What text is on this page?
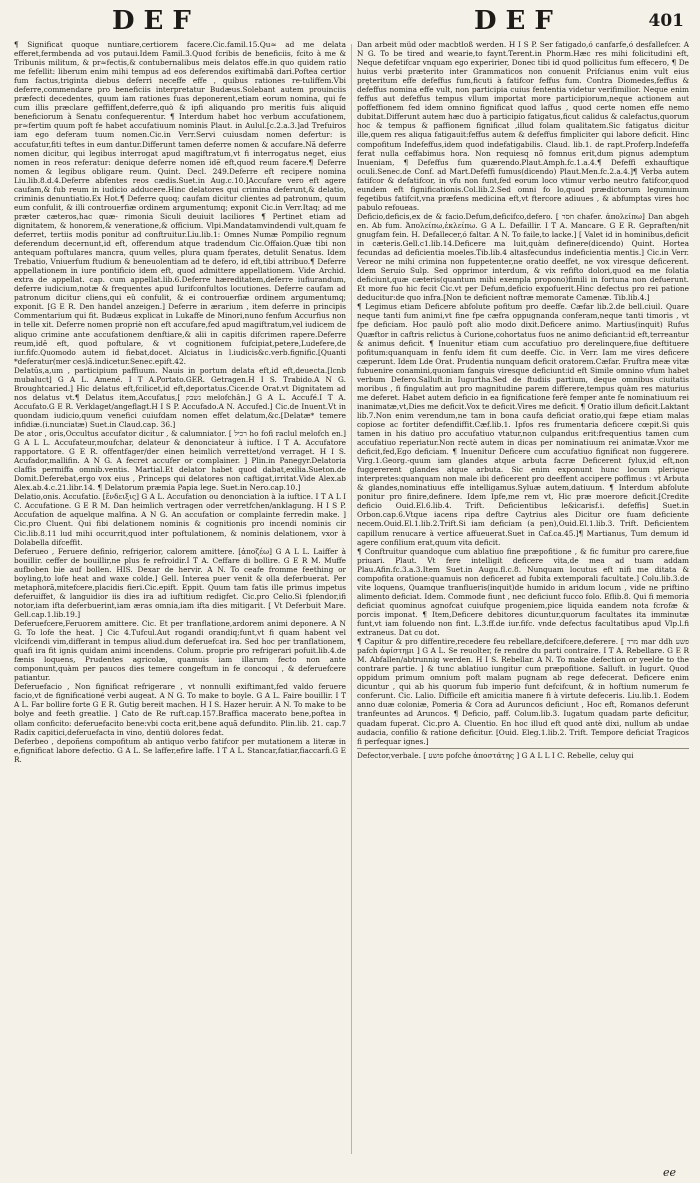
DEF	DEF	401

¶ Significat quoque nuntiare,certiorem facere.Cic.famil.15.Qu≈ ad me delata efferet,fermbenda ad vos putaui.Idem Famil.3.Quod fcribis de beneficiis, fcito à me & Tribunis militum, & pr≈fectis,& contubernalibus meis delatos effe.in quo quidem ratio me fefellit: liberum enim mihi tempus ad eos deferendos exiftimabã dari.Poftea certior fum factus,triginta diebus deferri neceffe effe , quibus rationes re-tuliffem.Vbi deferre,commendare pro beneficiis interpretatur Budæus.Solebant autem prouinciis præfecti decedentes, quum iam rationes fuas deponerent,etiam eorum nomina, qui fe cum illis præclare geffiffent,deferre,quò & ipfi aliquando pro meritis fuis aliquid beneficiorum à Senatu confequerentur. ¶ Interdum habet hoc verbum accufationem, pr≈fertim quum poft fe habet accufatiuum nominis Plaut. in Aulul.[c.2.a.3.]ad Trefuiros iam ego deferam tuum nomen.Cic.in Verr.Servi cuiusdam nomen defertur: is accufatur,fiti teftes in eum dantur.Differunt tamen deferre nomen & accufare.Nã deferre nomen dicitur, qui legibus interrogat apud magiftratum,vt fi interrogatus neget, eius nomen in reos referatur: denique deferre nomen idē eft,quod reum facere.¶ Deferre nomen & legibus obligare reum. Quint. Decl. 249.Deferre eft recipere nomina Liu.lib.8.d.4.Deferre abfentes reos cædis.Suet.in Aug.c.10.]Accufare vero eft agere caufam,& fub reum in iudicio adducere.Hinc delatores qui crimina deferunt,& delatio, criminis denuntiatio.Ex Hot.¶ Deferre quoq; caufam dicitur clientes ad patronum, quum eum confulit, & illi controuerfiæ ordinem argumentumq; exponit Cic.in Verr.Itaq; ad me præter cæteros,hac quæ- rimonia Siculi deuiuit laciliores ¶ Pertinet etiam ad dignitatem, & honorem,& veneratione,& officium. Vlpi.Mandatamvindendi vult,quam fe deferret, tertiis modis ponitur ad conftruitur.Liu.lib.1: Omnes Numæ Pompilio regnum deferendum decernunt,id eft, offerendum atque tradendum Cic.Offaion.Quæ tibi non antequam poftulares mancra, quum velles, plura quam fperates, detulit Senatus. Idem Trebatio, Vniuerfum ftudium & beneuolentiam ad te defero, id eft,tibi attribuo.¶ Deferre appellationem in iure pontificio idem eft, quod admittere appellationem. Vide Archid. extra de appellat. cap. cum appellat.lib.6.Deferre hæreditatem,deferre iufiurandum, deferre iudicium,notæ & frequentes apud Iurifconfultos locutiones. Deferre caufam ad patronum dicitur cliens,qui eû confulit, & ei controuerfiæ ordinem argumentumq; exponit. [G E R. Den handel anzeigen.] Deferre in ærarium , item deferre in principis Commentarium qui fit. Budæus explicat in Lukaffe de Minori,nuno fenfum Accurfius non in telle xit. Deferre nomen propriè non eft accufare,fed apud magiftratum,vel iudicem de aliquo crimine ante accufationem denftiare,& alii in capitis difcrimen rapere.Deferre reum,idē eft, quod poftulare, & vt cognitionem fufcipiat,petere,Ludefere,de iur.fifc.Quomodo autem id fiebat,docet. Alciatus in l.iudicis&c.verb.fignific.[Quanti *deferatur(mer ces)ã.indicetur.Senec.epift.42.

Delatūs,a,um , participium paffiuum. Nauis in portum delata eft,id eft,deuecta.[lcnb mubaluct] G A L. Amené. I T A.Portato.GER. Getragen.H I S. Trabido.A N G. Broughtcaried.] Hic delatus eft,fcilicet,id eft,deportatus.Cicer.de Orat.vt Dignitatem ad nos delatus vt.¶ Delatus item,Accufatus,[ נשבק melofchân.] G A L. Accufé.I T A. Accufato.G E R. Verklaget/angeflagt.H I S P. Accufado.A N. Accufed.] Cic.de Inuent.Vt in quondam iudicio,quum venefici cuiufdam nomen effet delatum,&c.[Delatæ* temere infidiæ.(i.nunciatæ) Suet.in Claud.cap. 36.]

De ator , oris,Occultus accufator dicitur , & calumniator. [ רכיל ho fofi raclul melofch en.] G A L L. Accufateur,moufchar, delateur & denonciateur à iuftice. I T A. Accufatore rapportatore. G E R. offentfager/der einen heimlich verrettet/ond verraget. H I S. Acufador,mallifin. A N G. A fecret accufer or complainer. ] Plin.in Panegyr.Delatoria claffis permiffa omnib.ventis. Martial.Et delator habet quod dabat,exilia.Sueton.de Domit.Deferebat,ergo vox eius , Princeps qui delatores non caftigat,irritat.Vide Alex.ab Alex.ab.4.c.21.libr.14. ¶ Delatorum præmia Papia lege. Suet.in Nero.cap.10.]

Delatio,onis. Accufatio. [ἔνδειξις] G A L. Accufation ou denonciation à la iuftice. I T A L I C. Accufatione. G E R M. Dan heimlich vertragen oder verretfchen/anklagung. H I S P. Accufation de aquelque malfina. A N G. An accufation or complainte ferredin make. ] Cic.pro Cluent. Qui fibi delationem nominis & cognitionis pro incendi nominis cir Cic.lib.8.11 lud mihi occurrit,quod inter poftulationem, & nominis delationem, vxor à Dolabella difceffit.

Deferueo , Feruere definio, refrigerior, calorem amittere. [ἀποζέω] G A L L. Laiffer à bouillir. ceffer de bouillir,ne plus fe refroidir.I T A. Ceffare di bollire. G E R M. Muffe aufboben bie auf bollen. HIS. Dexar de hervir. A N. To ceafe fromme feething or boyling,to lofe heat and waxe colde.] Gell. Interea puer venit & olla deferbuerat. Per metaphorã,mitefcere,placidis fieri.Cic.epift. Eppit. Quum tam fatis ille primus impetus deferuiffet, & languidior iis dies ira ad iuftitium redigfet. Cic.pro Celio.Si fplendor,ifi notor,iam ifta deferbuerint,iam æras omnia,iam ifta dies mitigarit. [ Vt Deferbuit Mare. Gell.cap.1.lib.19.]

Deferuefcere,Feruorem amittere. Cic. Et per tranflatione,ardorem animi deponere. A N G. To lofe the heat. ] Cic 4.Tufcul.Aut rogandi orandiq;funt,vt fi quam habent vel vlcifcendi vim,differant in tempus aliud.dum deferuefcat ira. Sed hoc per tranflationem, quafi ira fit ignis quidam animi incendens. Colum. proprie pro refrigerari pofuit.lib.4.de fænis loquens, Prudentes agricolæ, quamuis iam illarum fecto non ante componunt,quàm per paucos dies temere congeftum in fe concoqui , & deferuefcere patiantur.

Deferuefacio , Non fignificat refrigerare , vt nonnulli exiftimant,fed valdo feruere facio,vt de fignificationé verbi augeat. A N G. To make to boyle. G A L. Faire bouillir. I T A L. Far bollire forte G E R. Gutig bereit machen. H I S. Hazer heruir. A N. To make to be bolye and feeth greatlie. ] Cato de Re ruft.cap.157.Braffica macerato bene,poftea in ollam conficito: deferuefacito bene:vbi cocta erit,bene aquã defundito. Plin.lib. 21. cap.7 Radix capitici,deferuefacta in vino, dentiü dolores fedat.

Deferbeo , depoñens compofitum ab antiquo verbo fatifcor per mutationem a literæ in e,fignificat labore defectio. G A L. Se laffer,efire laffe. I T A L. Stancar,fatiar,fiaccarfi.G E R.

Dan arbeit müd oder macbtloß werden. H I S P. Ser fatigado,ó canfarfe,ó desfallefcer. A N G. To be tired and wearie,to faynt.Terent.in Phorm.Hæc res mihi folicitudini eft, Neque defetifcar vnquam ego experirier, Donec tibi id quod pollicitus fum effecero, ¶ De huius verbi præterito inter Grammaticos non conuenit Prifcianus enim vult eius pręteritum effe defeffus fum,ficuti à fatifcor feffus fum. Contra Diomedes,feffus & defeffus nomina effe vult, non participia cuius fententia videtur verifimilior. Neque enim feffus aut defeffus tempus vllum importat more participiorum,neque actionem aut poffeffionem fed idem omnino fignificat quod laffus , quod certe nomen effe nemo dubitat.Differunt autem hæc duo à participio fatigatus,ficut calidus & calefactus,quorum hoc & tempus & paffionem fignificat ,illud folam qualitatem.Sic fatigatus dicitur ille,quem res aliqua fatigauit:feffus autem & defeffus fimpliciter qui labore deficit. Hinc compofitum Indefeffus,idem quod indefatigabilis. Claud. lib.1. de rapt.Proferp.Indefeffa ferat nulla ceffabimus hora. Non requiesq nõ fomnus erit,dum pignus ademptum Inueniam, ¶ Defeffus fum quærendo.Plaut.Amph.fc.1.a.4.¶ Defeffi exhauftique oculi.Senec.de Conf. ad Mart.Defeffi fumus(dicendo) Plaut.Men.fc.2.a.4.]¶ Verba autem fatifcor & defatifcor, in vfu non funt,fed eorum loco vtimur verbo neutro fatifcor,quod eundem eft fignificationis.Col.lib.2.Sed omni fo lo,quod prædictorum leguminum fegetibus fatifcit,vna præfens medicina eft,vt ftercore adiuues , & abfumptas vires hoc pabulo refoueas.

Deficio,deficis,ex de & facio.Defum,deficifco,defero. [ חסר chafer. ἀπολείπω] Dan abgeh en. Ab fum. Ἀπολείπω,ἐκλείπω. G A L. Defaillir. I T A. Mancare. G E R. Gepraften/nit gnugfam fein. H. Defallecer,ó faltar. A N. To faile,to lacke.] [ Valet id in hominibus,deficit in cæteris.Gell.c1.lib.14.Deficere ma luit,quàm definere(dicendo) Quint. Hortea fecundas ad deficientia moeles.Tib.lib.4 altasfecundus indeficientia mentis.] Cic.in Verr. Vereor ne mihi crimina non fuppetenter,ne oratio deeffet, ne vox viresque deficerent. Idem Seruio Sulp. Sed opprimor interdum, & vix refifto dolori,quod ea me folatia deficiunt,quæ cæteris(quantum mihi exempla propono)fimili in fortuna non defuerunt. Et more fuo hic fecit Cic.vt per Defum,deficio expofuerit.Hinc defectus pro rei patione deducitur:de quo infra.[Non te deficient noftræ memorate Camenæ. Tib.lib.4.]

¶ Legimus etiam Deficere abfolute pofitum pro deeffe. Cæfar lib.2.de bell.ciuil. Quare neque tanti fum animi,vt fine fpe cæfra oppugnanda conferam,neque tanti timoris , vt fpe deficiam. Hoc paulò poft alio modo dixit.Deficere animo. Martius(inquit) Rufus Quæftor in caftris relictus à Curione,cohortatus fuos ne animo deficiant:id eft,terreantur & animus deficit. ¶ Inuenitur etiam cum accufatiuo pro derelinquere,fiue deftituere pofitum:quanquam in fenfu idem fit cum deeffe. Cic. in Verr. Iam me vires deficere cæperunt. Idem Lde Orat. Prudentia nunquam deficit oratorem.Cæfar. Fruftra meæ vitæ fubuenire conamini,quoniam fanguis viresque deficiunt:id eft Simile omnino vfum habet verbum Defero.Salluft.in Iugurtha.Sed de ftudiis partium, deque omnibus ciuitatis moribus , fi fingulatim aut pro magnitudine parem differere,tempus quàm res maturius me deferet. Habet autem deficio in ea fignificatione ferè femper ante fe nominatiuum rei inanimatæ,vt,Dies me deficit.Vox te deficit.Vires me deficit. ¶ Oratio illum deficit.Laktant lib.7.Non enim verendum,ne tam in bona caufa deficiat oratio,qui fæpe etiam malas copiose ac fortiter defendiffit.Cæf.lib.1. Ipfos res frumentaria deficere cœpit.Si quis tamen in his datiuo pro accufatiuo vtatur,non culpandus erit:frequentius tamen cum accufatiuo reperiatur.Non rectè autem in dicas per nominatiuum rei animatæ.Vxor me deficit,fed,Ego deficiam. ¶ Inuenitur Deficere cum accufatiuo fignificat non fuggerere. Virg.1.Georg.-quum iam glandes atque arbuta facræ Deficerent fylux,id eft,non fuggererent glandes atque arbuta. Sic enim exponunt hunc locum plerique interpretes:quanquam non male ibi deficerent pro deeffent accipere poffimus : vt Arbuta & glandes,nominatiuus effe intelligamus.Syluæ autem,datiuum. ¶ Interdum abfolute ponitur pro finire,definere. Idem Ipfe,me rem vt, Hic præ moerore deficit.[Credite deficio Ouid.El.6.lib.4. Trift. Deficientibus le&icarisf.i. defeffis] Suet.in Orbon.cap.6.Vtque iacens ripa deftre Caytrius ales Dicitur ore fuam deficiente necem.Ouid.El.1.lib.2.Trift.Si iam deficiam (a pen),Ouid.El.1.lib.3. Trift. Deficientem capillum renucare à vertice affueuerat.Suet in Caf.ca.45.]¶ Martianus, Tum demum id agere confilium erat,quum vita deficit.

¶ Conftruitur quandoque cum ablatiuo fine præpofitione , & fic fumitur pro carere,fiue priuari. Plaut. Vt fere intelligit deficere vita,de mea ad tuam addam Plau.Afin.fc.3.a.3.Item Suet.in Augu.fl.c.8. Nunquam locutus eft nifi me ditata & compofita oratione:quamuis non deficeret ad fubita extemporali facultate.] Colu.lib.3.de vite loquens, Quamque tranflueris(inquit)de humido in aridum locum , vide ne priftino alimento deficiat. Idem. Commode fiunt , nec deficiunt fucco folo. Eflib.8. Qui fi memoria deficiat quominus agnofcat cuiufque progeniem,pice liquida eandem nota fcrofæ & porcis imponat. ¶ Item,Deficere debitores dicuntur,quorum facultates ita imminutæ funt,vt iam foluendo non fint. L.3.ff.de iur.fifc. vnde defectus facultatibus apud Vlp.l.fi extraneus. Dat cu dot.

¶ Capitur & pro diffentire,recedere feu rebellare,defcifcere,deferere. [ מרד mar ddh פשע pafch ἀφίστημι ] G A L. Se reuolter, fe rendre du parti contraire. I T A. Rebellare. G E R M. Abfallen/abtrunnig werden. H I S. Rebellar. A N. To make defection or yeelde to the contrare partie. ] & tunc ablatiuo iungitur cum præpofitione. Salluft. in Iugurt. Quod oppidum primum omnium poft malam pugnam ab rege defecerat. Deficere enim dicuntur , qui ab his quorum fub imperio funt defcifcunt, & in hoftium numerum fe conferunt. Cic. Lalio. Difficile eft amicitia manere fi à virtute defeceris. Liu.lib.1. Eodem anno duæ coloniæ, Pomeria & Cora ad Auruncos deficiunt , Hoc eft, Romanos deferunt tranfeuntes ad Aruncos. ¶ Deficio, paff. Colum.lib.3. Iugatum quadam parte deficitur, quadam fuperat. Cic.pro A. Cluentio. En hoc illud eft quod antè dixi, nullum ab undae audacia, confilio & ratione deficitur. [Ouid. Eleg.1.lib.2. Trift. Tempore deficiat Tragicos fi perfequar ignes.]

Defector,verbale. [ פושע pofche ἀποστάτης ] G A L L I C. Rebelle, celuy qui

ee
